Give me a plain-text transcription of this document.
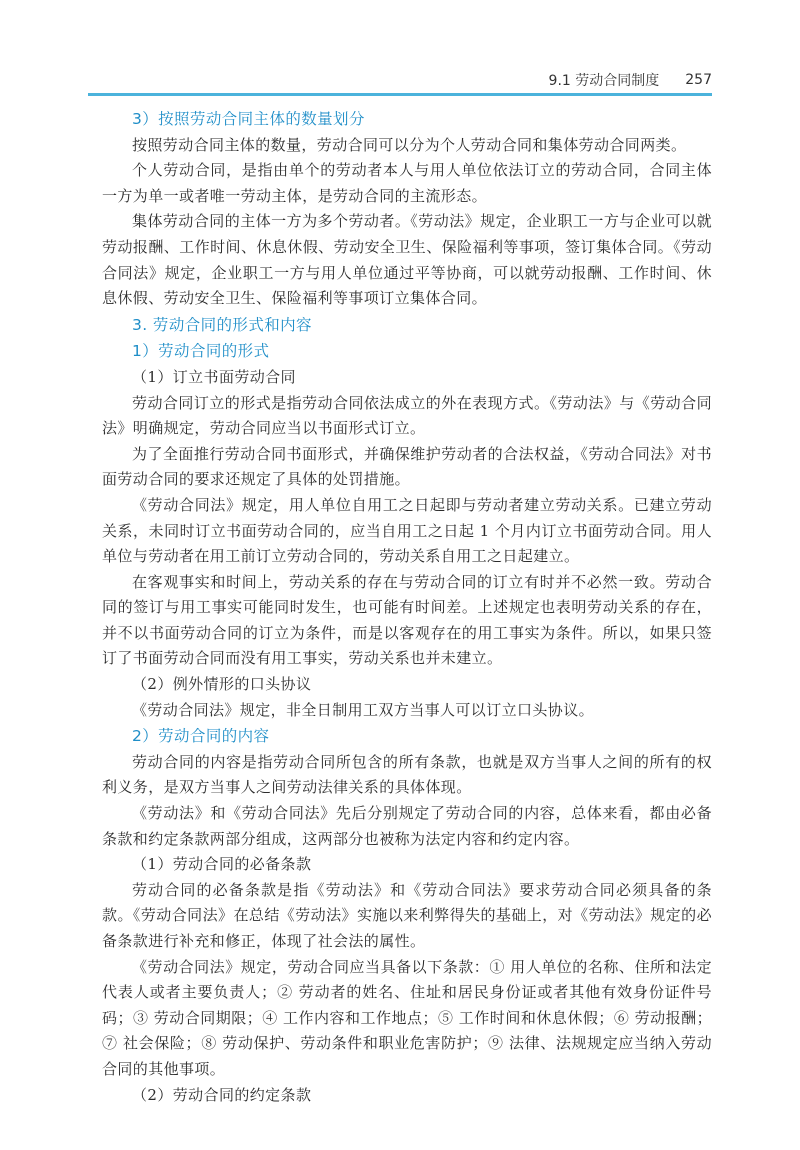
9.1 劳动合同制度 257
3）按照劳动合同主体的数量划分
按照劳动合同主体的数量，劳动合同可以分为个人劳动合同和集体劳动合同两类。
个人劳动合同，是指由单个的劳动者本人与用人单位依法订立的劳动合同，合同主体一方为单一或者唯一劳动主体，是劳动合同的主流形态。
集体劳动合同的主体一方为多个劳动者。《劳动法》规定，企业职工一方与企业可以就劳动报酬、工作时间、休息休假、劳动安全卫生、保险福利等事项，签订集体合同。《劳动合同法》规定，企业职工一方与用人单位通过平等协商，可以就劳动报酬、工作时间、休息休假、劳动安全卫生、保险福利等事项订立集体合同。
3. 劳动合同的形式和内容
1）劳动合同的形式
（1）订立书面劳动合同
劳动合同订立的形式是指劳动合同依法成立的外在表现方式。《劳动法》与《劳动合同法》明确规定，劳动合同应当以书面形式订立。
为了全面推行劳动合同书面形式，并确保维护劳动者的合法权益，《劳动合同法》对书面劳动合同的要求还规定了具体的处罚措施。
《劳动合同法》规定，用人单位自用工之日起即与劳动者建立劳动关系。已建立劳动关系，未同时订立书面劳动合同的，应当自用工之日起 1 个月内订立书面劳动合同。用人单位与劳动者在用工前订立劳动合同的，劳动关系自用工之日起建立。
在客观事实和时间上，劳动关系的存在与劳动合同的订立有时并不必然一致。劳动合同的签订与用工事实可能同时发生，也可能有时间差。上述规定也表明劳动关系的存在，并不以书面劳动合同的订立为条件，而是以客观存在的用工事实为条件。所以，如果只签订了书面劳动合同而没有用工事实，劳动关系也并未建立。
（2）例外情形的口头协议
《劳动合同法》规定，非全日制用工双方当事人可以订立口头协议。
2）劳动合同的内容
劳动合同的内容是指劳动合同所包含的所有条款，也就是双方当事人之间的所有的权利义务，是双方当事人之间劳动法律关系的具体体现。
《劳动法》和《劳动合同法》先后分别规定了劳动合同的内容，总体来看，都由必备条款和约定条款两部分组成，这两部分也被称为法定内容和约定内容。
（1）劳动合同的必备条款
劳动合同的必备条款是指《劳动法》和《劳动合同法》要求劳动合同必须具备的条款。《劳动合同法》在总结《劳动法》实施以来利弊得失的基础上，对《劳动法》规定的必备条款进行补充和修正，体现了社会法的属性。
《劳动合同法》规定，劳动合同应当具备以下条款：① 用人单位的名称、住所和法定代表人或者主要负责人；② 劳动者的姓名、住址和居民身份证或者其他有效身份证件号码；③ 劳动合同期限；④ 工作内容和工作地点；⑤ 工作时间和休息休假；⑥ 劳动报酬；⑦ 社会保险；⑧ 劳动保护、劳动条件和职业危害防护；⑨ 法律、法规规定应当纳入劳动合同的其他事项。
（2）劳动合同的约定条款
